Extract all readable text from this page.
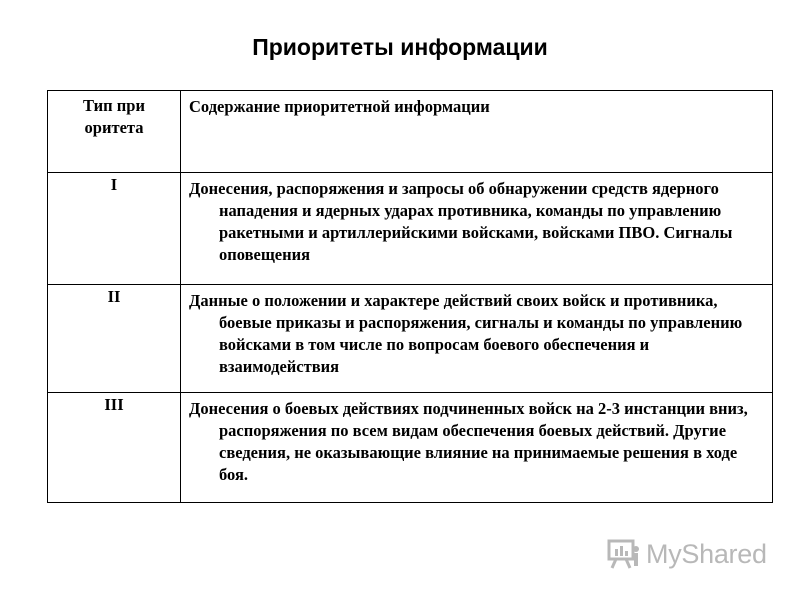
Приоритеты информации
Тип приоритета	Содержание приоритетной информации

I	Донесения, распоряжения и запросы об обнаружении средств ядерного нападения и ядерных ударах противника, команды по управлению ракетными и артиллерийскими войсками, войсками ПВО. Сигналы оповещения

II	Данные о положении и характере действий своих войск и противника, боевые приказы и распоряжения, сигналы и команды по управлению войсками в том числе по вопросам боевого обеспечения и взаимодействия

III	Донесения о боевых действиях подчиненных войск на 2-3 инстанции вниз, распоряжения по всем видам обеспечения боевых действий. Другие сведения, не оказывающие влияние на принимаемые решения в ходе боя.
MyShared
